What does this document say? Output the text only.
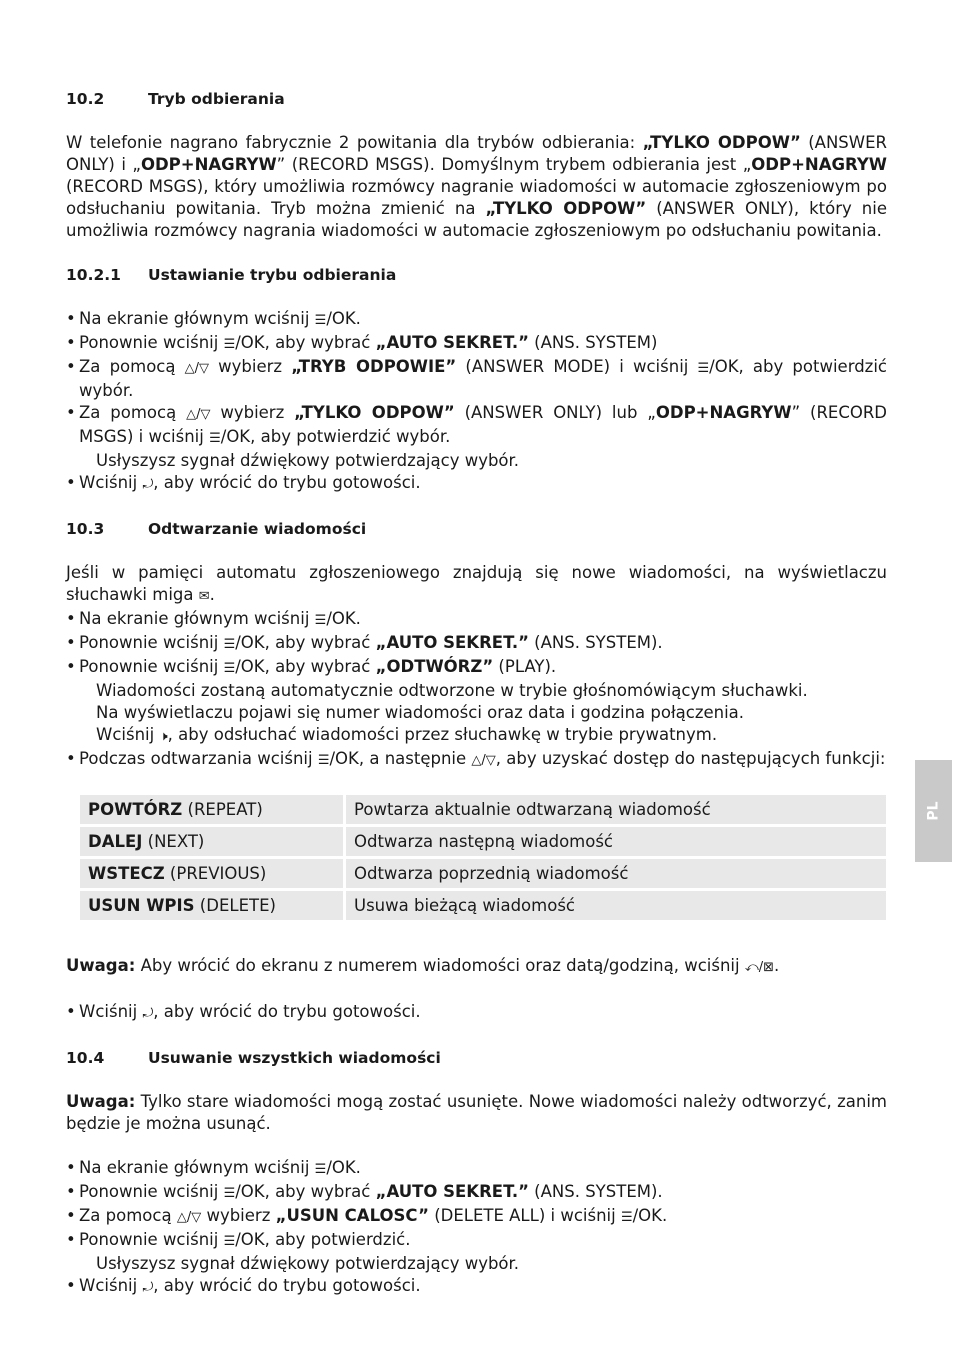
10.2	Tryb odbierania

W telefonie nagrano fabrycznie 2 powitania dla trybów odbierania: „TYLKO ODPOW” (ANSWER ONLY) i „ODP+NAGRYW” (RECORD MSGS). Domyślnym trybem odbierania jest „ODP+NAGRYW (RECORD MSGS), który umożliwia rozmówcy nagranie wiadomości w automacie zgłoszeniowym po odsłuchaniu powitania. Tryb można zmienić na „TYLKO ODPOW” (ANSWER ONLY), który nie umożliwia rozmówcy nagrania wiadomości w automacie zgłoszeniowym po odsłuchaniu powitania.

10.2.1	Ustawianie trybu odbierania

• Na ekranie głównym wciśnij ☰/OK.

• Ponownie wciśnij ☰/OK, aby wybrać „AUTO SEKRET.” (ANS. SYSTEM)

• Za pomocą △/▽ wybierz „TRYB ODPOWIE” (ANSWER MODE) i wciśnij ☰/OK, aby potwierdzić wybór.

• Za pomocą △/▽ wybierz „TYLKO ODPOW” (ANSWER ONLY) lub „ODP+NAGRYW” (RECORD MSGS) i wciśnij ☰/OK, aby potwierdzić wybór.

Usłyszysz sygnał dźwiękowy potwierdzający wybór.

• Wciśnij ⤾, aby wrócić do trybu gotowości.

10.3	Odtwarzanie wiadomości

Jeśli w pamięci automatu zgłoszeniowego znajdują się nowe wiadomości, na wyświetlaczu słuchawki miga ✉.

• Na ekranie głównym wciśnij ☰/OK.

• Ponownie wciśnij ☰/OK, aby wybrać „AUTO SEKRET.” (ANS. SYSTEM).

• Ponownie wciśnij ☰/OK, aby wybrać „ODTWÓRZ” (PLAY).

Wiadomości zostaną automatycznie odtworzone w trybie głośnomówiącym słuchawki.

Na wyświetlaczu pojawi się numer wiadomości oraz data i godzina połączenia.

Wciśnij 🕨, aby odsłuchać wiadomości przez słuchawkę w trybie prywatnym.

• Podczas odtwarzania wciśnij ☰/OK, a następnie △/▽, aby uzyskać dostęp do następujących funkcji:

POWTÓRZ (REPEAT)	Powtarza aktualnie odtwarzaną wiadomość
DALEJ (NEXT)	Odtwarza następną wiadomość
WSTECZ (PREVIOUS)	Odtwarza poprzednią wiadomość
USUN WPIS (DELETE)	Usuwa bieżącą wiadomość

Uwaga: Aby wrócić do ekranu z numerem wiadomości oraz datą/godziną, wciśnij ⤺/⊠.

• Wciśnij ⤾, aby wrócić do trybu gotowości.

10.4	Usuwanie wszystkich wiadomości

Uwaga: Tylko stare wiadomości mogą zostać usunięte. Nowe wiadomości należy odtworzyć, zanim będzie je można usunąć.

• Na ekranie głównym wciśnij ☰/OK.

• Ponownie wciśnij ☰/OK, aby wybrać „AUTO SEKRET.” (ANS. SYSTEM).

• Za pomocą △/▽ wybierz „USUN CALOSC” (DELETE ALL) i wciśnij ☰/OK.

• Ponownie wciśnij ☰/OK, aby potwierdzić.

Usłyszysz sygnał dźwiękowy potwierdzający wybór.

• Wciśnij ⤾, aby wrócić do trybu gotowości.

PL
